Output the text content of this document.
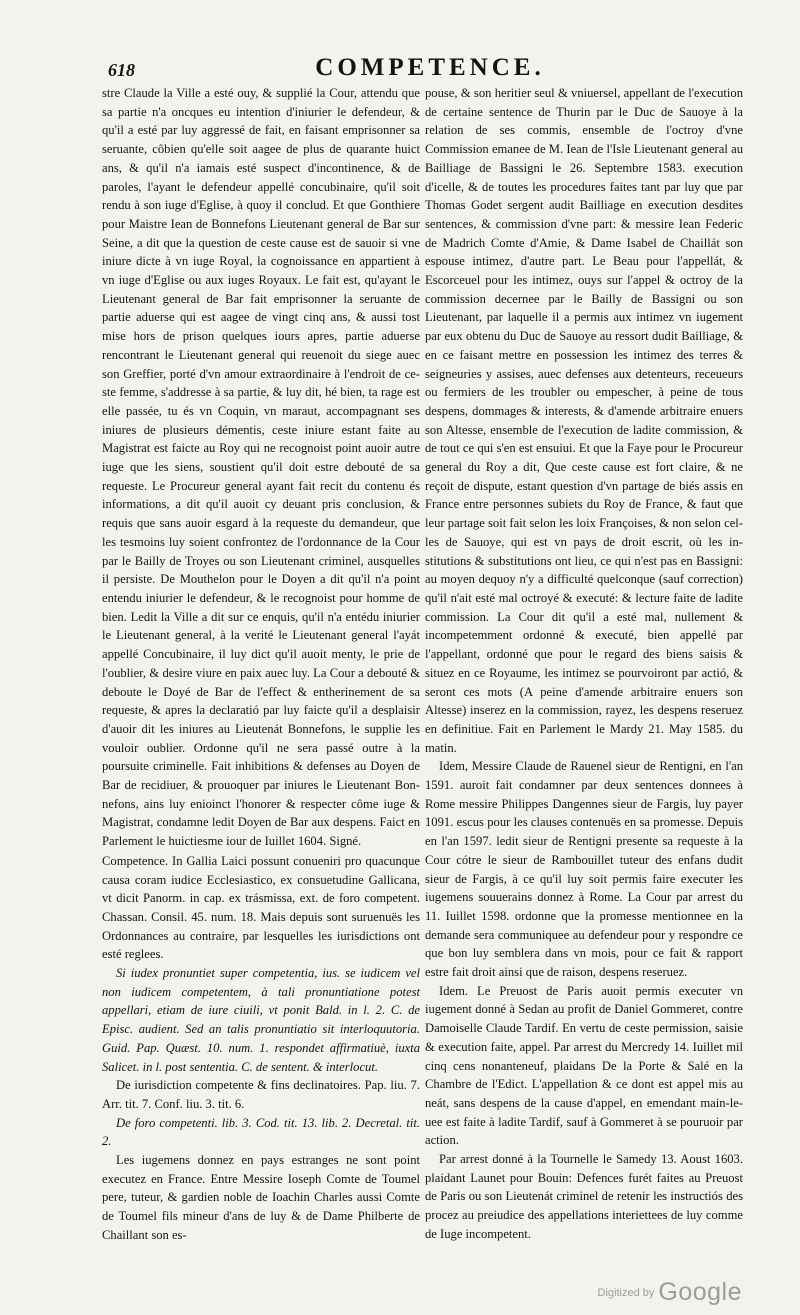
618	COMPETENCE.

stre Claude la Ville a esté ouy, & supplié la Cour, attendu que sa partie n'a oncques eu intention d'iniurier le defendeur, & qu'il a esté par luy aggressé de fait, en faisant emprisonner sa seruante, côbien qu'elle soit aagee de plus de quarante huict ans, & qu'il n'a iamais esté suspect d'incontinence, & de paroles, l'ayant le defendeur appellé concubinaire, qu'il soit rendu à son iuge d'Eglise, à quoy il conclud. Et que Gonthiere pour Maistre Iean de Bonnefons Lieutenant general de Bar sur Seine, a dit que la question de ceste cause est de sauoir si vne iniure dicte à vn iuge Royal, la cognoissance en appartient à vn iuge d'Eglise ou aux iuges Royaux. Le fait est, qu'ayant le Lieutenant general de Bar fait emprisonner la seruante de partie aduerse qui est aagee de vingt cinq ans, & aussi tost mise hors de prison quelques iours apres, partie aduerse rencontrant le Lieutenant general qui reuenoit du siege auec son Greffier, porté d'vn amour extraordinaire à l'endroit de ceste femme, s'addresse à sa partie, & luy dit, hé bien, ta rage est elle passée, tu és vn Coquin, vn maraut, accompagnant ses iniures de plusieurs démentis, ceste iniure estant faite au Magistrat est faicte au Roy qui ne recognoist point auoir autre iuge que les siens, soustient qu'il doit estre debouté de sa requeste. Le Procureur general ayant fait recit du contenu és informations, a dit qu'il auoit cy deuant pris conclusion, & requis que sans auoir esgard à la requeste du demandeur, que les tesmoins luy soient confrontez de l'ordonnance de la Cour par le Bailly de Troyes ou son Lieutenant criminel, ausquelles il persiste. De Mouthelon pour le Doyen a dit qu'il n'a point entendu iniurier le defendeur, & le recognoist pour homme de bien. Ledit la Ville a dit sur ce enquis, qu'il n'a entédu iniurier le Lieutenant general, à la verité le Lieutenant general l'ayát appellé Concubinaire, il luy dict qu'il auoit menty, le prie de l'oublier, & desire viure en paix auec luy. La Cour a debouté & deboute le Doyé de Bar de l'effect & entherinement de sa requeste, & apres la declaratió par luy faicte qu'il a desplaisir d'auoir dit les iniures au Lieutenát Bonnefons, le supplie les vouloir oublier. Ordonne qu'il ne sera passé outre à la poursuite criminelle. Fait inhibitions & defenses au Doyen de Bar de recidiuer, & prouoquer par iniures le Lieutenant Bonnefons, ains luy enioinct l'honorer & respecter côme iuge & Magistrat, condamne ledit Doyen de Bar aux despens. Faict en Parlement le huictiesme iour de Iuillet 1604. Signé.

Competence. In Gallia Laici possunt conueniri pro quacunque causa coram iudice Ecclesiastico, ex consuetudine Gallicana, vt dicit Panorm. in cap. ex trásmissa, ext. de foro competent. Chassan. Consil. 45. num. 18. Mais depuis sont suruenuës les Ordonnances au contraire, par lesquelles les iurisdictions ont esté reglees.

Si iudex pronuntiet super competentia, ius. se iudicem vel non iudicem competentem, à tali pronuntiatione potest appellari, etiam de iure ciuili, vt ponit Bald. in l. 2. C. de Episc. audient. Sed an talis pronuntiatio sit interloquutoria. Guid. Pap. Quæst. 10. num. 1. respondet affirmatiuè, iuxta Salicet. in l. post sententia. C. de sentent. & interlocut.

De iurisdiction competente & fins declinatoires. Pap. liu. 7. Arr. tit. 7. Conf. liu. 3. tit. 6.

De foro competenti. lib. 3. Cod. tit. 13. lib. 2. Decretal. tit. 2.

Les iugemens donnez en pays estranges ne sont point executez en France. Entre Messire Ioseph Comte de Toumel pere, tuteur, & gardien noble de Ioachin Charles aussi Comte de Toumel fils mineur d'ans de luy & de Dame Philberte de Chaillant son es-

pouse, & son heritier seul & vniuersel, appellant de l'execution de certaine sentence de Thurin par le Duc de Sauoye à la relation de ses commis, ensemble de l'octroy d'vne Commission emanee de M. Iean de l'Isle Lieutenant general au Bailliage de Bassigni le 26. Septembre 1583. execution d'icelle, & de toutes les procedures faites tant par luy que par Thomas Godet sergent audit Bailliage en execution desdites sentences, & commission d'vne part: & messire Iean Federic de Madrich Comte d'Amie, & Dame Isabel de Chaillát son espouse intimez, d'autre part. Le Beau pour l'appellát, & Escorceuel pour les intimez, ouys sur l'appel & octroy de la commission decernee par le Bailly de Bassigni ou son Lieutenant, par laquelle il a permis aux intimez vn iugement par eux obtenu du Duc de Sauoye au ressort dudit Bailliage, & en ce faisant mettre en possession les intimez des terres & seigneuries y assises, auec defenses aux detenteurs, receueurs ou fermiers de les troubler ou empescher, à peine de tous despens, dommages & interests, & d'amende arbitraire enuers son Altesse, ensemble de l'execution de ladite commission, & de tout ce qui s'en est ensuiui. Et que la Faye pour le Procureur general du Roy a dit, Que ceste cause est fort claire, & ne reçoit de dispute, estant question d'vn partage de biés assis en France entre personnes subiets du Roy de France, & faut que leur partage soit fait selon les loix Françoises, & non selon celles de Sauoye, qui est vn pays de droit escrit, où les institutions & substitutions ont lieu, ce qui n'est pas en Bassigni: au moyen dequoy n'y a difficulté quelconque (sauf correction) qu'il n'ait esté mal octroyé & executé: & lecture faite de ladite commission. La Cour dit qu'il a esté mal, nullement & incompetemment ordonné & executé, bien appellé par l'appellant, ordonné que pour le regard des biens saisis & situez en ce Royaume, les intimez se pourvoiront par actió, & seront ces mots (A peine d'amende arbitraire enuers son Altesse) inserez en la commission, rayez, les despens reseruez en definitiue. Fait en Parlement le Mardy 21. May 1585. du matin.

Idem, Messire Claude de Rauenel sieur de Rentigni, en l'an 1591. auroit fait condamner par deux sentences donnees à Rome messire Philippes Dangennes sieur de Fargis, luy payer 1091. escus pour les clauses contenuës en sa promesse. Depuis en l'an 1597. ledit sieur de Rentigni presente sa requeste à la Cour cótre le sieur de Rambouillet tuteur des enfans dudit sieur de Fargis, à ce qu'il luy soit permis faire executer les iugemens souuerains donnez à Rome. La Cour par arrest du 11. Iuillet 1598. ordonne que la promesse mentionnee en la demande sera communiquee au defendeur pour y respondre ce que bon luy semblera dans vn mois, pour ce fait & rapport estre fait droit ainsi que de raison, despens reseruez.

Idem. Le Preuost de Paris auoit permis executer vn iugement donné à Sedan au profit de Daniel Gommeret, contre Damoiselle Claude Tardif. En vertu de ceste permission, saisie & execution faite, appel. Par arrest du Mercredy 14. Iuillet mil cinq cens nonanteneuf, plaidans De la Porte & Salé en la Chambre de l'Edict. L'appellation & ce dont est appel mis au neát, sans despens de la cause d'appel, en emendant main-leuee est faite à ladite Tardif, sauf à Gommeret à se pouruoir par action.

Par arrest donné à la Tournelle le Samedy 13. Aoust 1603. plaidant Launet pour Bouin: Defences furét faites au Preuost de Paris ou son Lieutenát criminel de retenir les instructiós des procez au preiudice des appellations interiettees de luy comme de Iuge incompetent.

Digitized by Google
